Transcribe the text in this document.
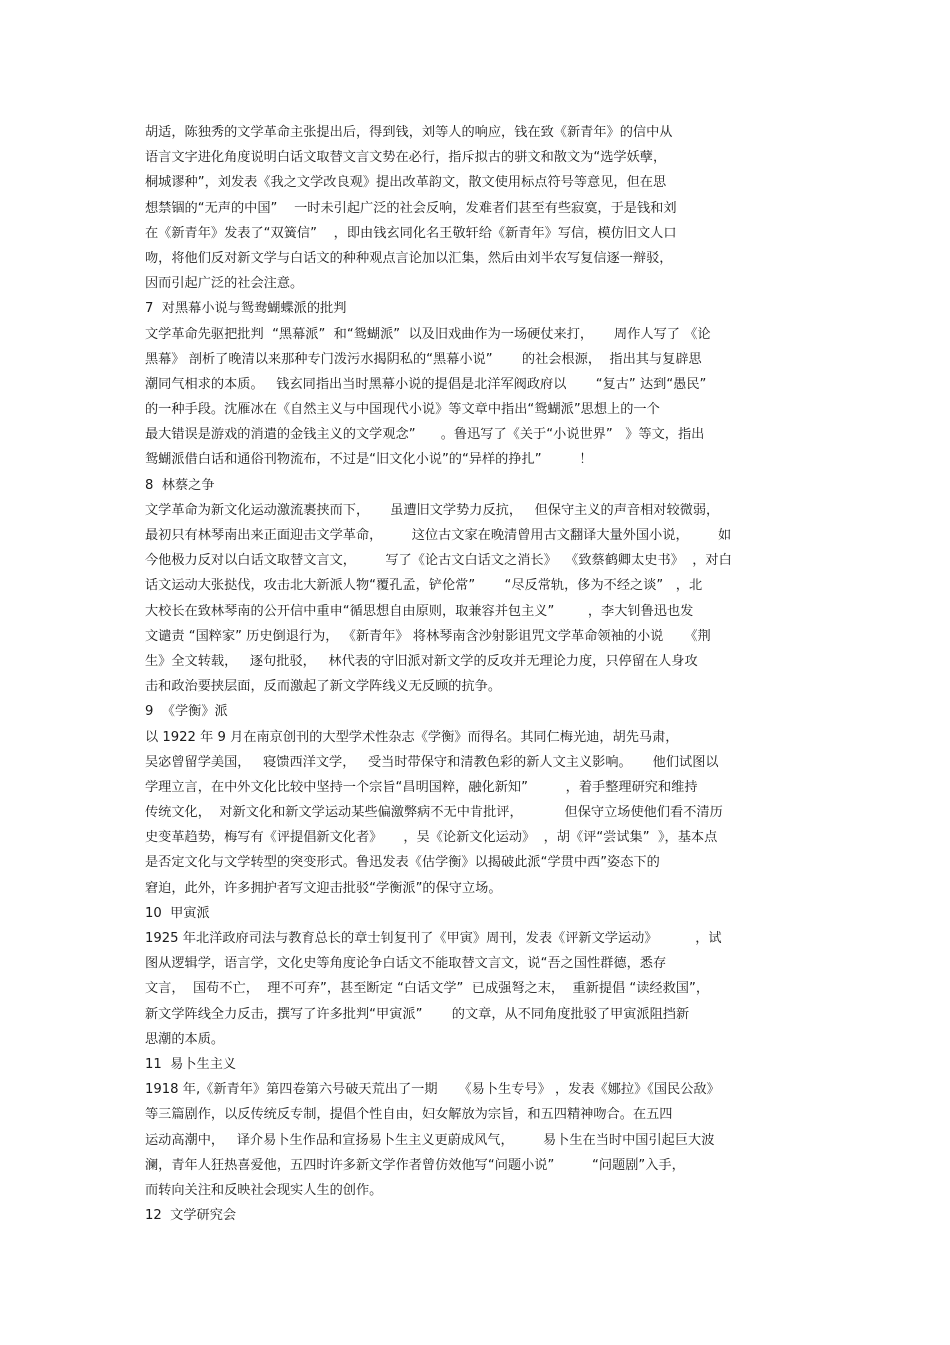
胡适，陈独秀的文学革命主张提出后，得到钱，刘等人的响应，钱在致《新青年》的信中从
语言文字进化角度说明白话文取替文言文势在必行，指斥拟古的骈文和散文为“选学妖孽，
桐城谬种”，刘发表《我之文学改良观》提出改革韵文，散文使用标点符号等意见，但在思
想禁锢的“无声的中国”    一时未引起广泛的社会反响，发难者们甚至有些寂寞，于是钱和刘
在《新青年》发表了“双簧信”    ，即由钱玄同化名王敬轩给《新青年》写信，模仿旧文人口
吻，将他们反对新文学与白话文的种种观点言论加以汇集，然后由刘半农写复信逐一辩驳，
因而引起广泛的社会注意。
7  对黑幕小说与鸳鸯蝴蝶派的批判
文学革命先驱把批判  “黑幕派”  和“鸳蝴派”  以及旧戏曲作为一场硬仗来打，     周作人写了 《论
黑幕》 剖析了晚清以来那种专门泼污水揭阴私的“黑幕小说”       的社会根源，  指出其与复辟思
潮同气相求的本质。   钱玄同指出当时黑幕小说的提倡是北洋军阀政府以       “复古” 达到“愚民”
的一种手段。沈雁冰在《自然主义与中国现代小说》等文章中指出“鸳蝴派”思想上的一个
最大错误是游戏的消遣的金钱主义的文学观念”      。鲁迅写了《关于“小说世界”   》等文，指出
鸳蝴派借白话和通俗刊物流布，不过是“旧文化小说”的“异样的挣扎”         ！
8  林蔡之争
文学革命为新文化运动激流裹挟而下，     虽遭旧文学势力反抗，   但保守主义的声音相对较微弱，
最初只有林琴南出来正面迎击文学革命，       这位古文家在晚清曾用古文翻译大量外国小说，       如
今他极力反对以白话文取替文言文，       写了《论古文白话文之消长》  《致蔡鹤卿太史书》  ，对白
话文运动大张挞伐，攻击北大新派人物“覆孔孟，铲伦常”       “尽反常轨，侈为不经之谈”   ，北
大校长在致林琴南的公开信中重申“循思想自由原则，取兼容并包主义”        ，李大钊鲁迅也发
文谴责 “国粹家” 历史倒退行为， 《新青年》 将林琴南含沙射影诅咒文学革命领袖的小说     《荆
生》全文转载，   逐句批驳，   林代表的守旧派对新文学的反攻并无理论力度，只停留在人身攻
击和政治要挟层面，反而激起了新文学阵线义无反顾的抗争。
9  《学衡》派
以 1922 年 9 月在南京创刊的大型学术性杂志《学衡》而得名。其同仁梅光迪，胡先马肃，
吴宓曾留学美国，   寝馈西洋文学，   受当时带保守和清教色彩的新人文主义影响。     他们试图以
学理立言，在中外文化比较中坚持一个宗旨“昌明国粹，融化新知”         ，着手整理研究和维持
传统文化，  对新文化和新文学运动某些偏激弊病不无中肯批评，          但保守立场使他们看不清历
史变革趋势，梅写有《评提倡新文化者》     ，吴《论新文化运动》  ，胡《评“尝试集”  》，基本点
是否定文化与文学转型的突变形式。鲁迅发表《估学衡》以揭破此派“学贯中西”姿态下的
窘迫，此外，许多拥护者写文迎击批驳“学衡派”的保守立场。
10  甲寅派
1925 年北洋政府司法与教育总长的章士钊复刊了《甲寅》周刊，发表《评新文学运动》         ，试
图从逻辑学，语言学，文化史等角度论争白话文不能取替文言文，说“吾之国性群德，悉存
文言，  国苟不亡，  理不可弃”，甚至断定 “白话文学”  已成强弩之末，  重新提倡 “读经救国”，
新文学阵线全力反击，撰写了许多批判“甲寅派”       的文章，从不同角度批驳了甲寅派阻挡新
思潮的本质。
11  易卜生主义
1918 年,《新青年》第四卷第六号破天荒出了一期     《易卜生专号》 ，发表《娜拉》《国民公敌》
等三篇剧作，以反传统反专制，提倡个性自由，妇女解放为宗旨，和五四精神吻合。在五四
运动高潮中，   译介易卜生作品和宣扬易卜生主义更蔚成风气，       易卜生在当时中国引起巨大波
澜，青年人狂热喜爱他，五四时许多新文学作者曾仿效他写“问题小说”         “问题剧”入手，
而转向关注和反映社会现实人生的创作。
12  文学研究会
